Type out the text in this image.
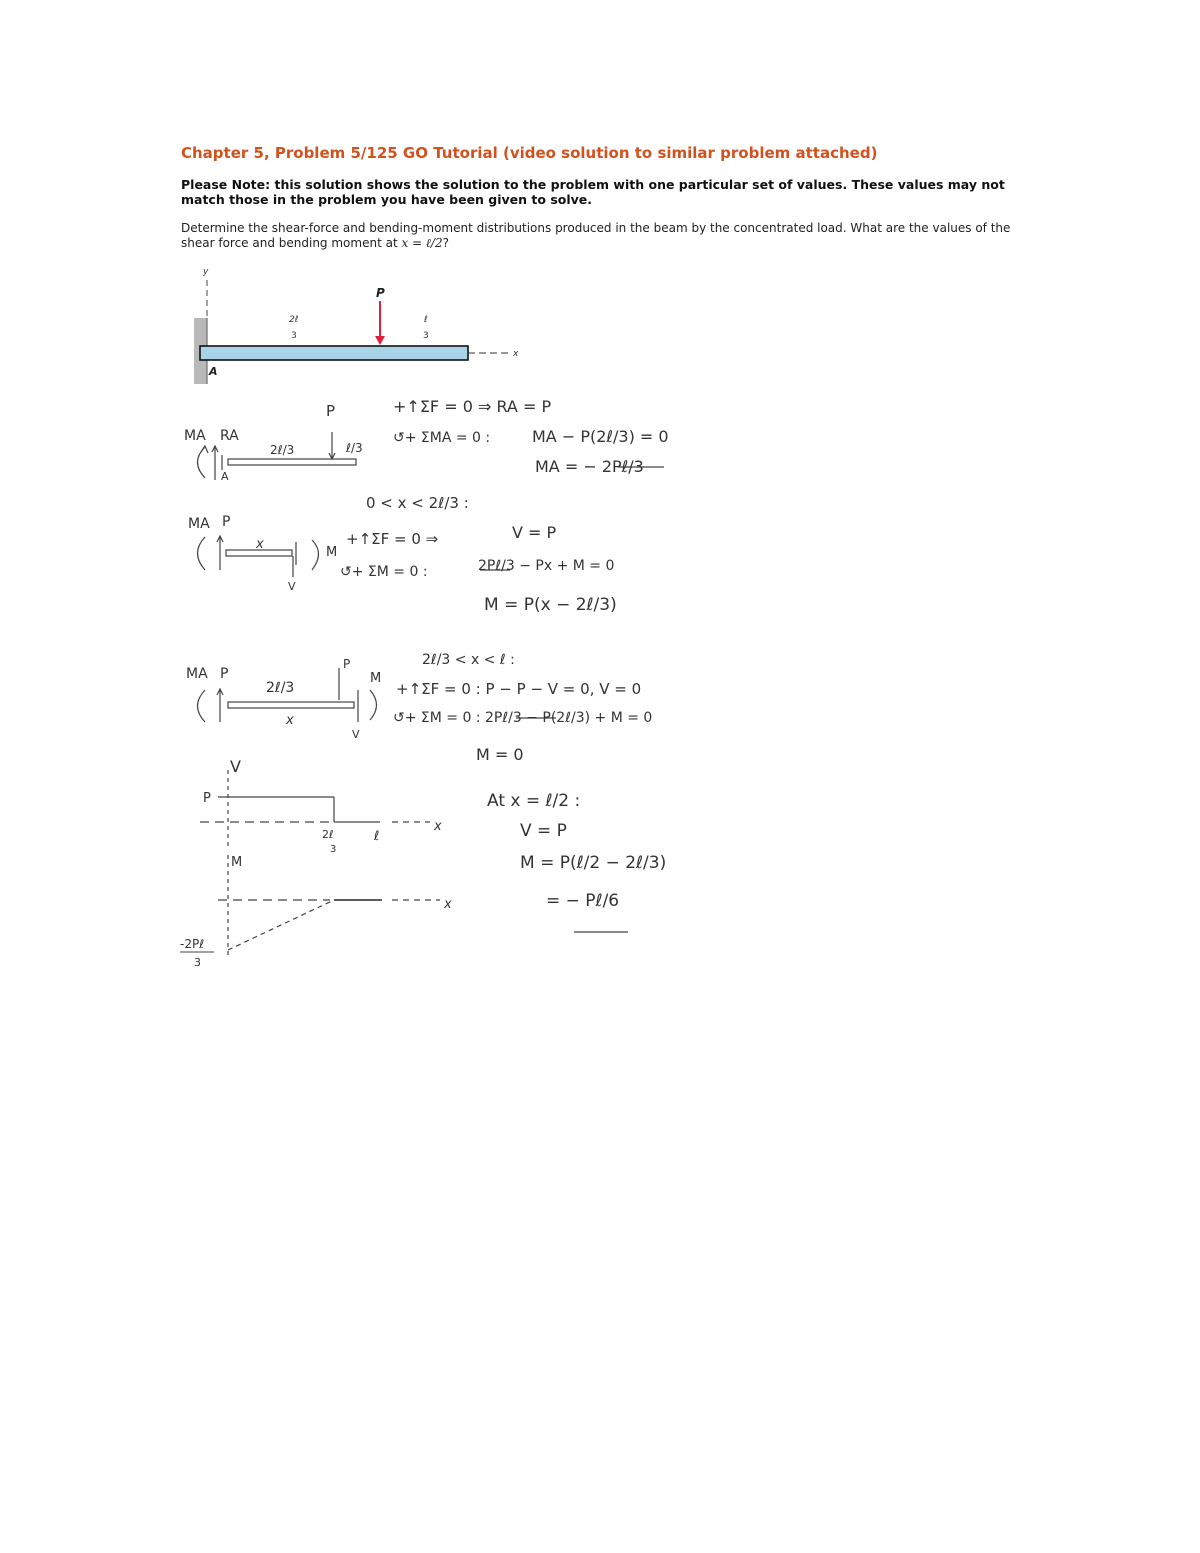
Chapter 5, Problem 5/125 GO Tutorial (video solution to similar problem attached)
Please Note: this solution shows the solution to the problem with one particular set of values. These values may not match those in the problem you have been given to solve.
Determine the shear-force and bending-moment distributions produced in the beam by the concentrated load. What are the values of the shear force and bending moment at x = ℓ/2?
y
A
x
P
2ℓ
3
ℓ
3
P
MA RA
A
2ℓ/3	ℓ/3
+↑ΣF = 0 ⇒ RA = P
↺+ ΣMA = 0 :	MA − P(2ℓ/3) = 0
MA = − 2Pℓ/3
0 < x < 2ℓ/3 :
MA P
x
M
V
+↑ΣF = 0 ⇒	V = P
↺+ ΣM = 0 :	2Pℓ/3 − Px + M = 0
M = P(x − 2ℓ/3)
2ℓ/3 < x < ℓ :
MA P
2ℓ/3
x
P
M
V
+↑ΣF = 0 : P − P − V = 0, V = 0
↺+ ΣM = 0 : 2Pℓ/3 − P(2ℓ/3) + M = 0
M = 0
V
P
x
2ℓ
3
ℓ
M
x
-2Pℓ
3
At x = ℓ/2 :
V = P
M = P(ℓ/2 − 2ℓ/3)
= − Pℓ/6
